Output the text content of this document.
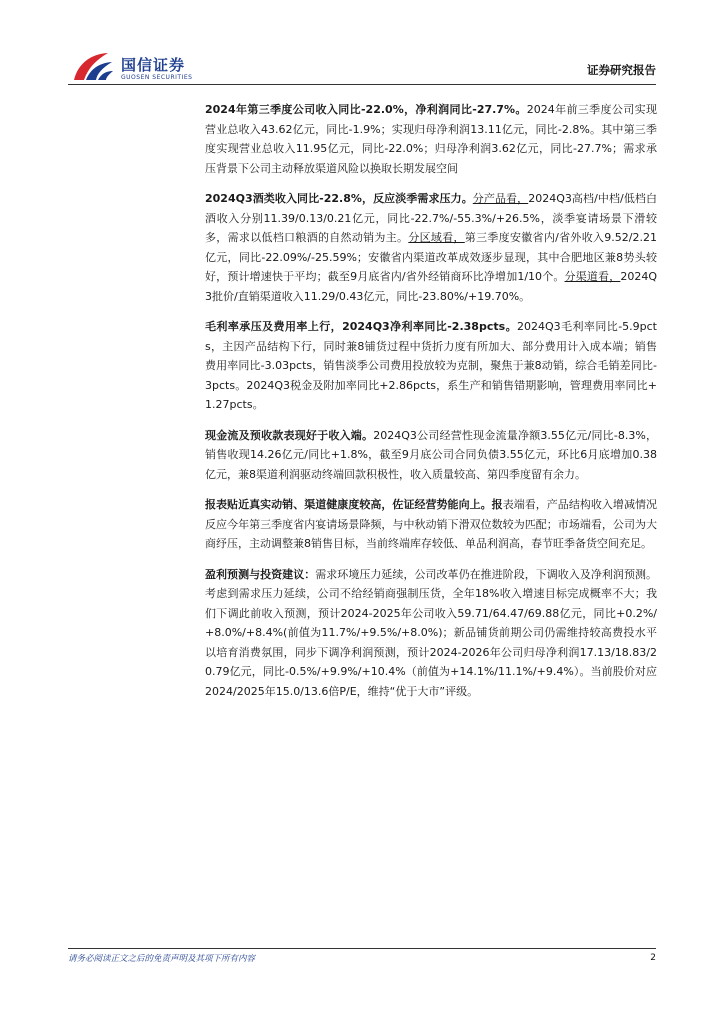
国信证券
GUOSEN SECURITIES
证券研究报告

2024年第三季度公司收入同比-22.0%，净利润同比-27.7%。2024年前三季度公司实现营业总收入43.62亿元，同比-1.9%；实现归母净利润13.11亿元，同比-2.8%。其中第三季度实现营业总收入11.95亿元，同比-22.0%；归母净利润3.62亿元，同比-27.7%；需求承压背景下公司主动释放渠道风险以换取长期发展空间

2024Q3酒类收入同比-22.8%，反应淡季需求压力。分产品看，2024Q3高档/中档/低档白酒收入分别11.39/0.13/0.21亿元，同比-22.7%/-55.3%/+26.5%，淡季宴请场景下滑较多，需求以低档口粮酒的自然动销为主。分区域看，第三季度安徽省内/省外收入9.52/2.21亿元，同比-22.09%/-25.59%；安徽省内渠道改革成效逐步显现，其中合肥地区兼8势头较好，预计增速快于平均；截至9月底省内/省外经销商环比净增加1/10个。分渠道看，2024Q3批价/直销渠道收入11.29/0.43亿元，同比-23.80%/+19.70%。

毛利率承压及费用率上行，2024Q3净利率同比-2.38pcts。2024Q3毛利率同比-5.9pcts，主因产品结构下行，同时兼8铺货过程中货折力度有所加大、部分费用计入成本端；销售费用率同比-3.03pcts，销售淡季公司费用投放较为克制，聚焦于兼8动销，综合毛销差同比-3pcts。2024Q3税金及附加率同比+2.86pcts，系生产和销售错期影响，管理费用率同比+1.27pcts。

现金流及预收款表现好于收入端。2024Q3公司经营性现金流量净额3.55亿元/同比-8.3%，销售收现14.26亿元/同比+1.8%，截至9月底公司合同负债3.55亿元，环比6月底增加0.38亿元，兼8渠道利润驱动终端回款积极性，收入质量较高、第四季度留有余力。

报表贴近真实动销、渠道健康度较高，佐证经营势能向上。报表端看，产品结构收入增减情况反应今年第三季度省内宴请场景降频，与中秋动销下滑双位数较为匹配；市场端看，公司为大商纾压，主动调整兼8销售目标，当前终端库存较低、单品利润高，春节旺季备货空间充足。

盈利预测与投资建议：需求环境压力延续，公司改革仍在推进阶段，下调收入及净利润预测。考虑到需求压力延续，公司不给经销商强制压货，全年18%收入增速目标完成概率不大；我们下调此前收入预测，预计2024-2025年公司收入59.71/64.47/69.88亿元，同比+0.2%/+8.0%/+8.4%(前值为11.7%/+9.5%/+8.0%)；新品铺货前期公司仍需维持较高费投水平以培育消费氛围，同步下调净利润预测，预计2024-2026年公司归母净利润17.13/18.83/20.79亿元，同比-0.5%/+9.9%/+10.4%（前值为+14.1%/11.1%/+9.4%）。当前股价对应2024/2025年15.0/13.6倍P/E，维持“优于大市”评级。

请务必阅读正文之后的免责声明及其项下所有内容	2
